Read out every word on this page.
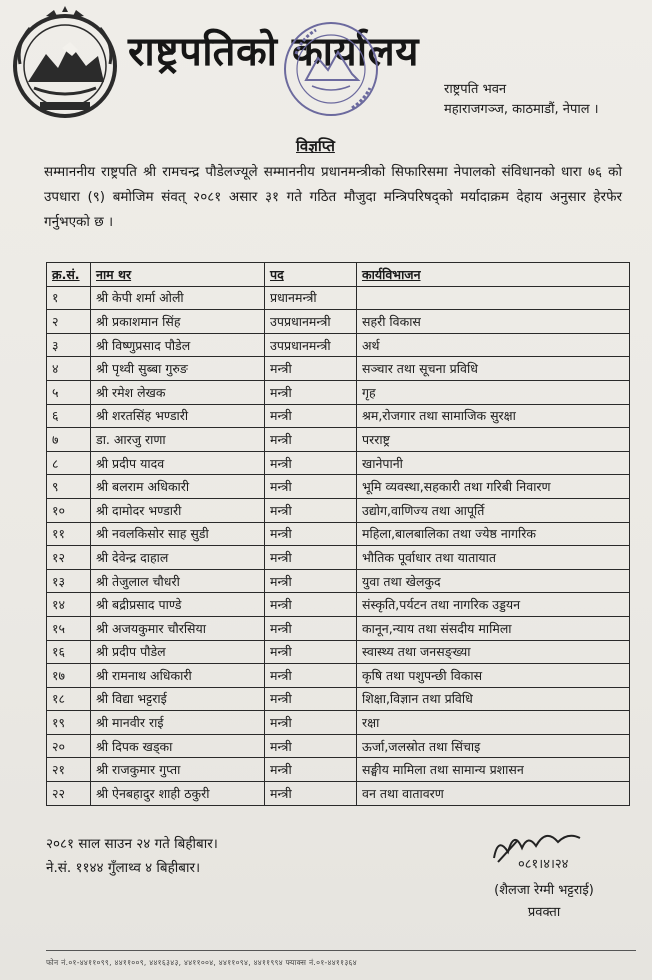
राष्ट्रपतिको कार्यालय
राष्ट्रपति भवन
महाराजगञ्ज, काठमाडौं, नेपाल ।
विज्ञप्ति
सम्माननीय राष्ट्रपति श्री रामचन्द्र पौडेलज्यूले सम्माननीय प्रधानमन्त्रीको सिफारिसमा नेपालको संविधानको धारा ७६ को उपधारा (९) बमोजिम संवत् २०८१ असार ३१ गते गठित मौजुदा मन्त्रिपरिषद्को मर्यादाक्रम देहाय अनुसार हेरफेर गर्नुभएको छ ।
क्र.सं.	नाम थर	पद	कार्यविभाजन
१	श्री केपी शर्मा ओली	प्रधानमन्त्री	
२	श्री प्रकाशमान सिंह	उपप्रधानमन्त्री	सहरी विकास
३	श्री विष्णुप्रसाद पौडेल	उपप्रधानमन्त्री	अर्थ
४	श्री पृथ्वी सुब्बा गुरुङ	मन्त्री	सञ्चार तथा सूचना प्रविधि
५	श्री रमेश लेखक	मन्त्री	गृह
६	श्री शरतसिंह भण्डारी	मन्त्री	श्रम,रोजगार तथा सामाजिक सुरक्षा
७	डा. आरजु राणा	मन्त्री	परराष्ट्र
८	श्री प्रदीप यादव	मन्त्री	खानेपानी
९	श्री बलराम अधिकारी	मन्त्री	भूमि व्यवस्था,सहकारी तथा गरिबी निवारण
१०	श्री दामोदर भण्डारी	मन्त्री	उद्योग,वाणिज्य तथा आपूर्ति
११	श्री नवलकिसोर साह सुडी	मन्त्री	महिला,बालबालिका तथा ज्येष्ठ नागरिक
१२	श्री देवेन्द्र दाहाल	मन्त्री	भौतिक पूर्वाधार तथा यातायात
१३	श्री तेजुलाल चौधरी	मन्त्री	युवा तथा खेलकुद
१४	श्री बद्रीप्रसाद पाण्डे	मन्त्री	संस्कृति,पर्यटन तथा नागरिक उड्डयन
१५	श्री अजयकुमार चौरसिया	मन्त्री	कानून,न्याय तथा संसदीय मामिला
१६	श्री प्रदीप पौडेल	मन्त्री	स्वास्थ्य तथा जनसङ्ख्या
१७	श्री रामनाथ अधिकारी	मन्त्री	कृषि तथा पशुपन्छी विकास
१८	श्री विद्या भट्टराई	मन्त्री	शिक्षा,विज्ञान तथा प्रविधि
१९	श्री मानवीर राई	मन्त्री	रक्षा
२०	श्री दिपक खड्का	मन्त्री	ऊर्जा,जलस्रोत तथा सिंचाइ
२१	श्री राजकुमार गुप्ता	मन्त्री	सङ्घीय मामिला तथा सामान्य प्रशासन
२२	श्री ऐनबहादुर शाही ठकुरी	मन्त्री	वन तथा वातावरण
२०८१ साल साउन २४ गते बिहीबार।
ने.सं. ११४४ गुँलाथ्व ४ बिहीबार।	०८१।४।२४
(शैलजा रेग्मी भट्टराई)
प्रवक्ता
फोन नं.०१-४४११०९९, ४४११००९, ४४१६३४३, ४४११००४, ४४११०९४, ४४११९९४ फ्याक्स नं.०१-४४११३६४
